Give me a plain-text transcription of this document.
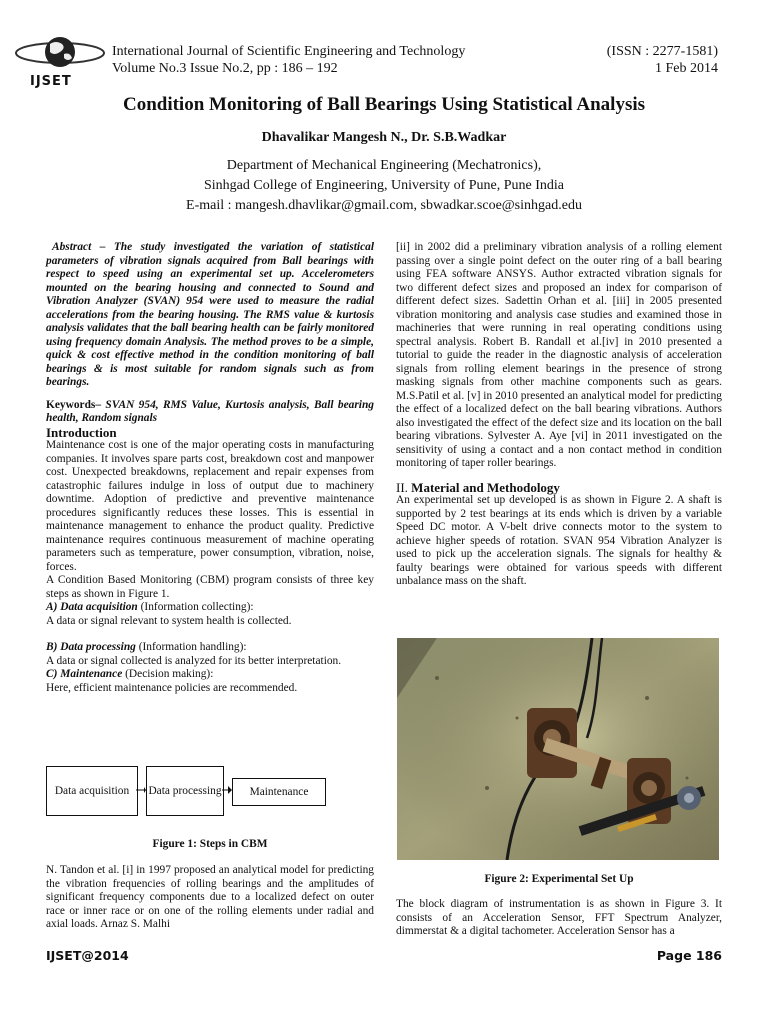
IJSET
International Journal of Scientific Engineering and Technology
Volume No.3 Issue No.2, pp : 186 – 192
(ISSN : 2277-1581)
1 Feb 2014
Condition Monitoring of Ball Bearings Using Statistical Analysis
Dhavalikar Mangesh N., Dr. S.B.Wadkar
Department of Mechanical Engineering (Mechatronics),
Sinhgad College of Engineering, University of Pune, Pune India
E-mail : mangesh.dhavlikar@gmail.com, sbwadkar.scoe@sinhgad.edu

Abstract – The study investigated the variation of statistical parameters of vibration signals acquired from Ball bearings with respect to speed using an experimental set up. Accelerometers mounted on the bearing housing and connected to Sound and Vibration Analyzer (SVAN) 954 were used to measure the radial accelerations from the bearing housing. The RMS value & kurtosis analysis validates that the ball bearing health can be fairly monitored using frequency domain Analysis. The method proves to be a simple, quick & cost effective method in the condition monitoring of ball bearings & is most suitable for random signals such as from bearings.

Keywords– SVAN 954, RMS Value, Kurtosis analysis, Ball bearing health, Random signals

Introduction

Maintenance cost is one of the major operating costs in manufacturing companies. It involves spare parts cost, breakdown cost and manpower cost. Unexpected breakdowns, replacement and repair expenses from catastrophic failures indulge in loss of output due to machinery downtime. Adoption of predictive and preventive maintenance procedures significantly reduces these losses. This is essential in maintenance management to enhance the product quality. Predictive maintenance requires continuous measurement of machine operating parameters such as temperature, power consumption, vibration, noise, forces.

A Condition Based Monitoring (CBM) program consists of three key steps as shown in Figure 1.

A) Data acquisition (Information collecting):

A data or signal relevant to system health is collected.

B) Data processing (Information handling):

A data or signal collected is analyzed for its better interpretation.

C) Maintenance (Decision making):

Here, efficient maintenance policies are recommended.

Data acquisition Data processing Maintenance
Figure 1: Steps in CBM

N. Tandon et al. [i] in 1997 proposed an analytical model for predicting the vibration frequencies of rolling bearings and the amplitudes of significant frequency components due to a localized defect on outer race or inner race or on one of the rolling elements under radial and axial loads. Arnaz S. Malhi

[ii] in 2002 did a preliminary vibration analysis of a rolling element passing over a single point defect on the outer ring of a ball bearing using FEA software ANSYS. Author extracted vibration signals for two different defect sizes and proposed an index for comparison of different defect sizes. Sadettin Orhan et al. [iii] in 2005 presented vibration monitoring and analysis case studies and examined those in machineries that were running in real operating conditions using spectral analysis. Robert B. Randall et al.[iv] in 2010 presented a tutorial to guide the reader in the diagnostic analysis of acceleration signals from rolling element bearings in the presence of strong masking signals from other machine components such as gears. M.S.Patil et al. [v] in 2010 presented an analytical model for predicting the effect of a localized defect on the ball bearing vibrations. Authors also investigated the effect of the defect size and its location on the ball bearing vibrations. Sylvester A. Aye [vi] in 2011 investigated on the sensitivity of using a contact and a non contact method in condition monitoring of taper roller bearings.

II. Material and Methodology

An experimental set up developed is as shown in Figure 2. A shaft is supported by 2 test bearings at its ends which is driven by a variable Speed DC motor. A V-belt drive connects motor to the system to achieve higher speeds of rotation. SVAN 954 Vibration Analyzer is used to pick up the acceleration signals. The signals for healthy & faulty bearings were obtained for various speeds with different unbalance mass on the shaft.

Figure 2: Experimental Set Up

The block diagram of instrumentation is as shown in Figure 3. It consists of an Acceleration Sensor, FFT Spectrum Analyzer, dimmerstat & a digital tachometer. Acceleration Sensor has a

IJSET@2014	Page 186
